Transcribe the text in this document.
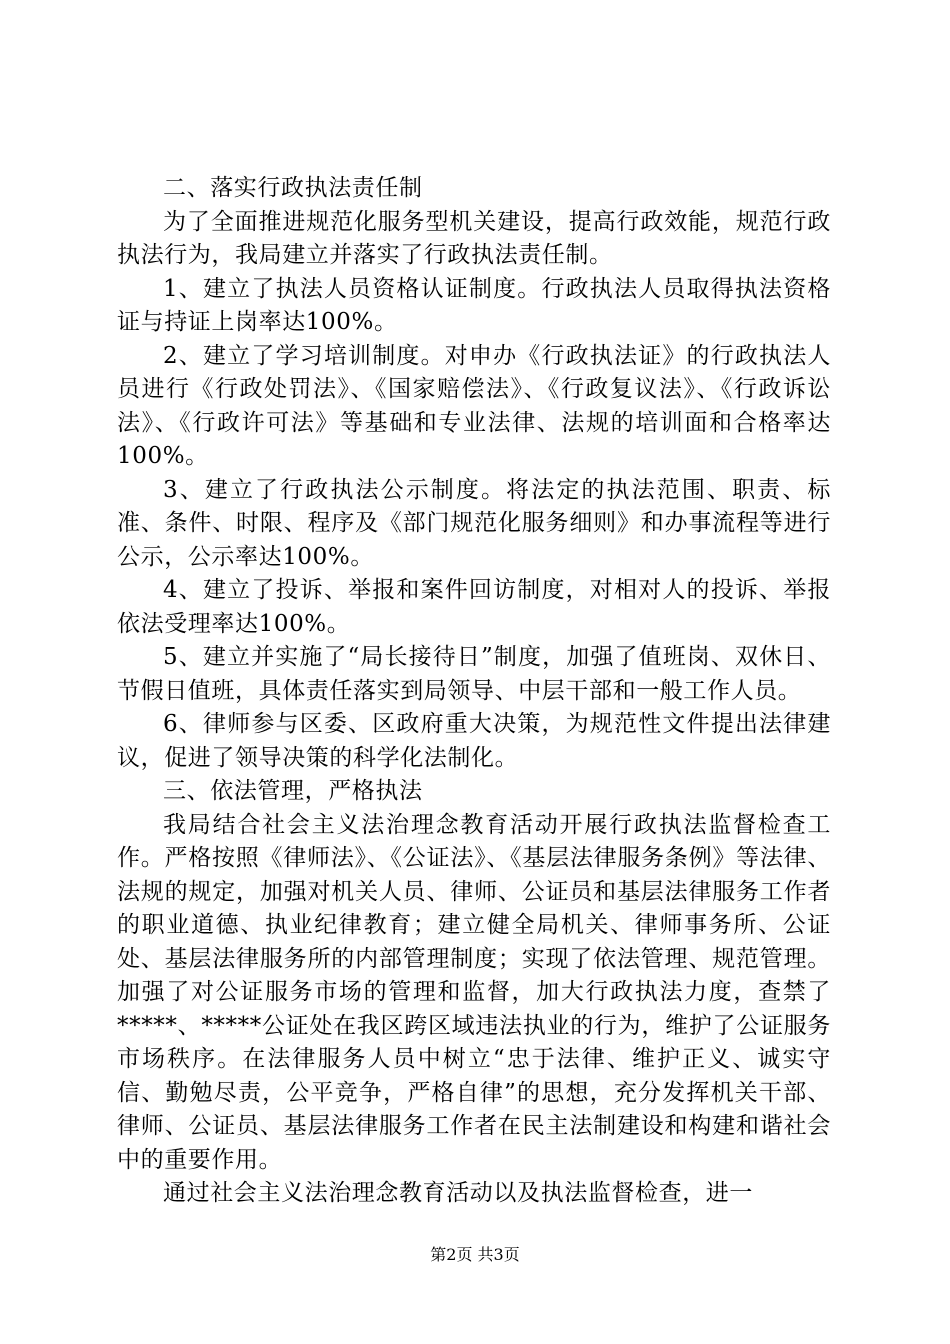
二、落实行政执法责任制

为了全面推进规范化服务型机关建设，提高行政效能，规范行政执法行为，我局建立并落实了行政执法责任制。

1、建立了执法人员资格认证制度。行政执法人员取得执法资格证与持证上岗率达100%。

2、建立了学习培训制度。对申办《行政执法证》的行政执法人员进行《行政处罚法》、《国家赔偿法》、《行政复议法》、《行政诉讼法》、《行政许可法》等基础和专业法律、法规的培训面和合格率达100%。

3、建立了行政执法公示制度。将法定的执法范围、职责、标准、条件、时限、程序及《部门规范化服务细则》和办事流程等进行公示，公示率达100%。

4、建立了投诉、举报和案件回访制度，对相对人的投诉、举报依法受理率达100%。

5、建立并实施了“局长接待日”制度，加强了值班岗、双休日、节假日值班，具体责任落实到局领导、中层干部和一般工作人员。

6、律师参与区委、区政府重大决策，为规范性文件提出法律建议，促进了领导决策的科学化法制化。

三、依法管理，严格执法

我局结合社会主义法治理念教育活动开展行政执法监督检查工作。严格按照《律师法》、《公证法》、《基层法律服务条例》等法律、法规的规定，加强对机关人员、律师、公证员和基层法律服务工作者的职业道德、执业纪律教育；建立健全局机关、律师事务所、公证处、基层法律服务所的内部管理制度；实现了依法管理、规范管理。加强了对公证服务市场的管理和监督，加大行政执法力度，查禁了*****、*****公证处在我区跨区域违法执业的行为，维护了公证服务市场秩序。在法律服务人员中树立“忠于法律、维护正义、诚实守信、勤勉尽责，公平竞争，严格自律”的思想，充分发挥机关干部、律师、公证员、基层法律服务工作者在民主法制建设和构建和谐社会中的重要作用。

通过社会主义法治理念教育活动以及执法监督检查，进一

第2页 共3页
